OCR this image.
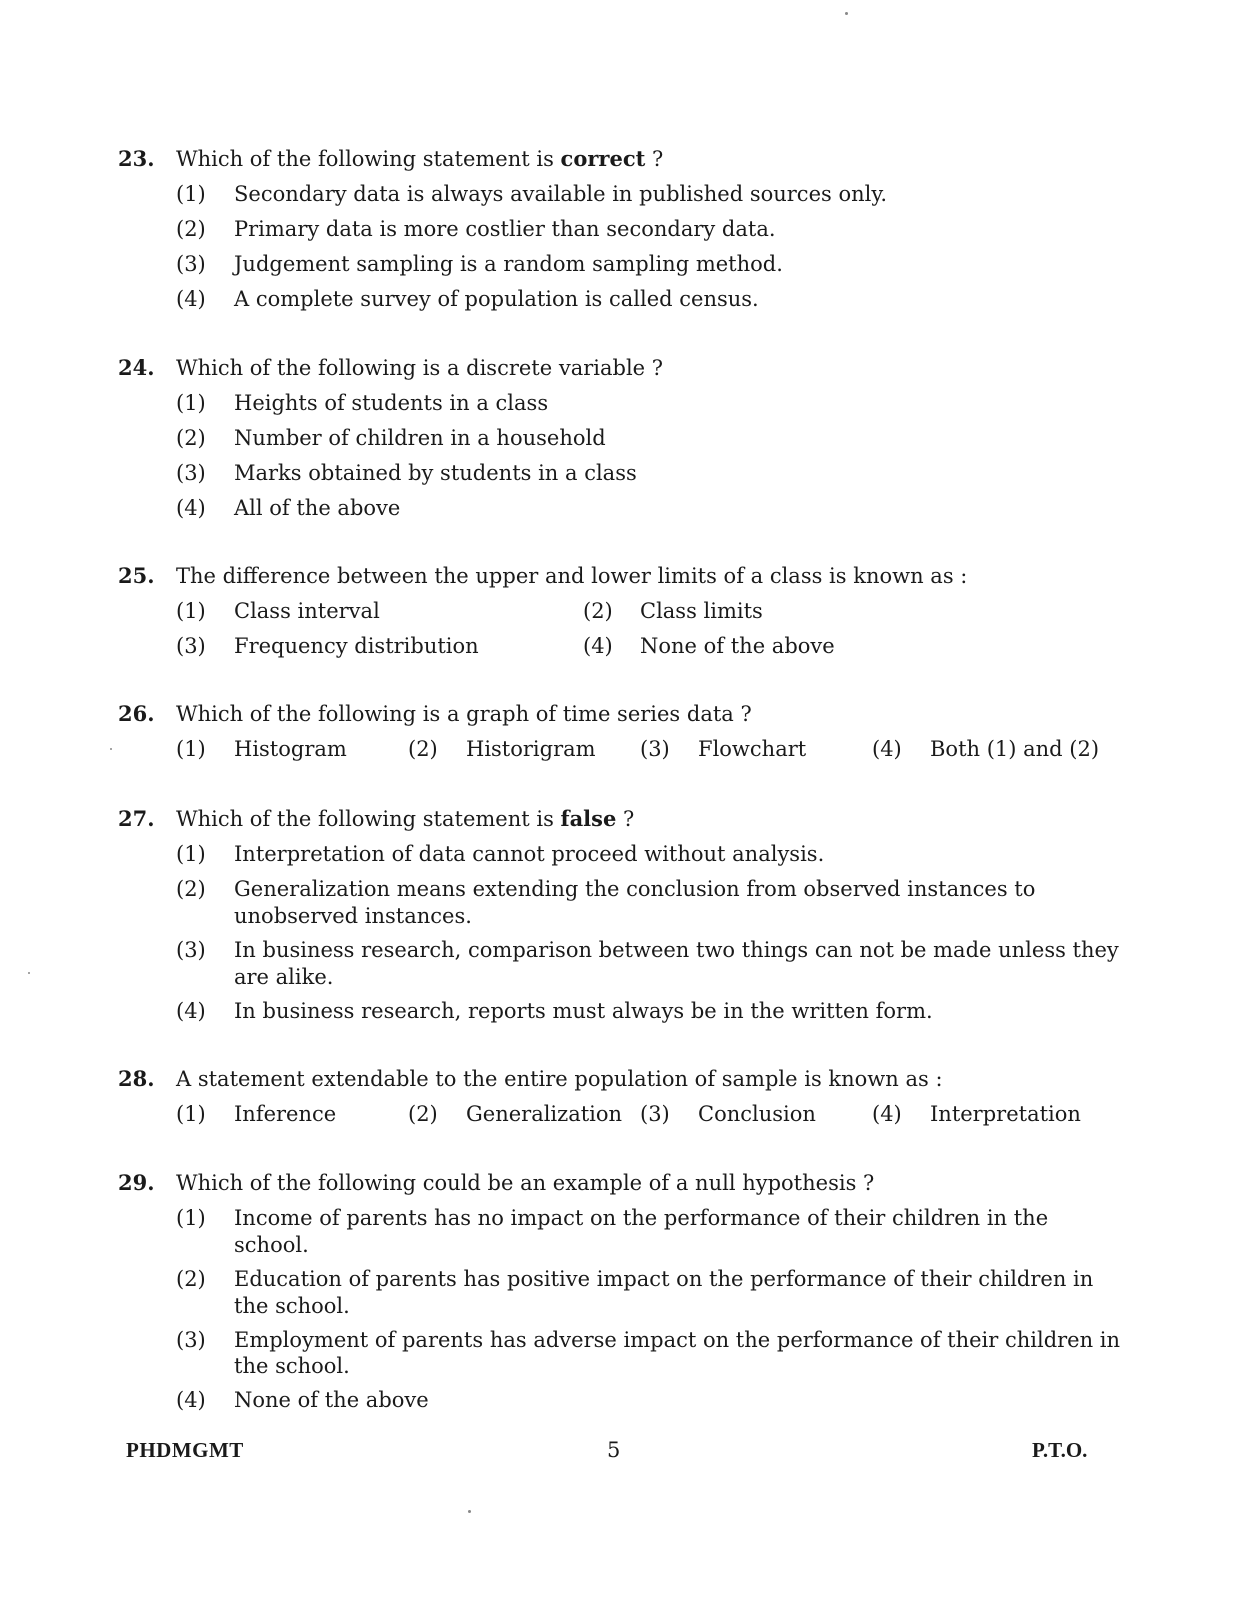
23. Which of the following statement is correct ?
(1) Secondary data is always available in published sources only.
(2) Primary data is more costlier than secondary data.
(3) Judgement sampling is a random sampling method.
(4) A complete survey of population is called census.
24. Which of the following is a discrete variable ?
(1) Heights of students in a class
(2) Number of children in a household
(3) Marks obtained by students in a class
(4) All of the above
25. The difference between the upper and lower limits of a class is known as :
(1) Class interval	(2) Class limits
(3) Frequency distribution	(4) None of the above
26. Which of the following is a graph of time series data ?
(1) Histogram	(2) Historigram (3) Flowchart	(4) Both (1) and (2)
27. Which of the following statement is false ?
(1) Interpretation of data cannot proceed without analysis.
(2) Generalization means extending the conclusion from observed instances to unobserved instances.
(3) In business research, comparison between two things can not be made unless they are alike.
(4) In business research, reports must always be in the written form.
28. A statement extendable to the entire population of sample is known as :
(1) Inference	(2) Generalization (3) Conclusion	(4) Interpretation
29. Which of the following could be an example of a null hypothesis ?
(1) Income of parents has no impact on the performance of their children in the school.
(2) Education of parents has positive impact on the performance of their children in the school.
(3) Employment of parents has adverse impact on the performance of their children in the school.
(4) None of the above
PHDMGMT	5	P.T.O.
